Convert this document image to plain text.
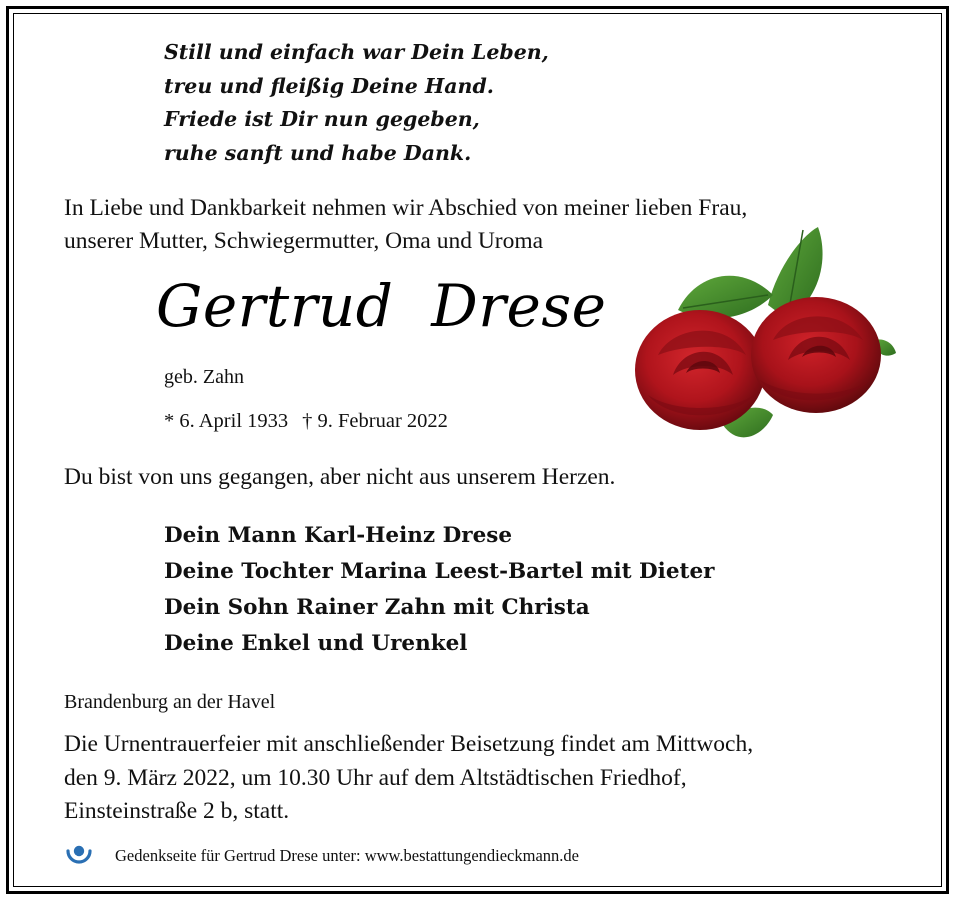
Still und einfach war Dein Leben,
treu und fleißig Deine Hand.
Friede ist Dir nun gegeben,
ruhe sanft und habe Dank.
In Liebe und Dankbarkeit nehmen wir Abschied von meiner lieben Frau,
unserer Mutter, Schwiegermutter, Oma und Uroma
Gertrud  Drese
geb. Zahn
* 6. April 1933 † 9. Februar 2022
Du bist von uns gegangen, aber nicht aus unserem Herzen.
Dein Mann Karl-Heinz Drese
Deine Tochter Marina Leest-Bartel mit Dieter
Dein Sohn Rainer Zahn mit Christa
Deine Enkel und Urenkel
Brandenburg an der Havel
Die Urnentrauerfeier mit anschließender Beisetzung findet am Mittwoch,
den 9. März 2022, um 10.30 Uhr auf dem Altstädtischen Friedhof,
Einsteinstraße 2 b, statt.
Gedenkseite für Gertrud Drese unter: www.bestattungendieckmann.de
